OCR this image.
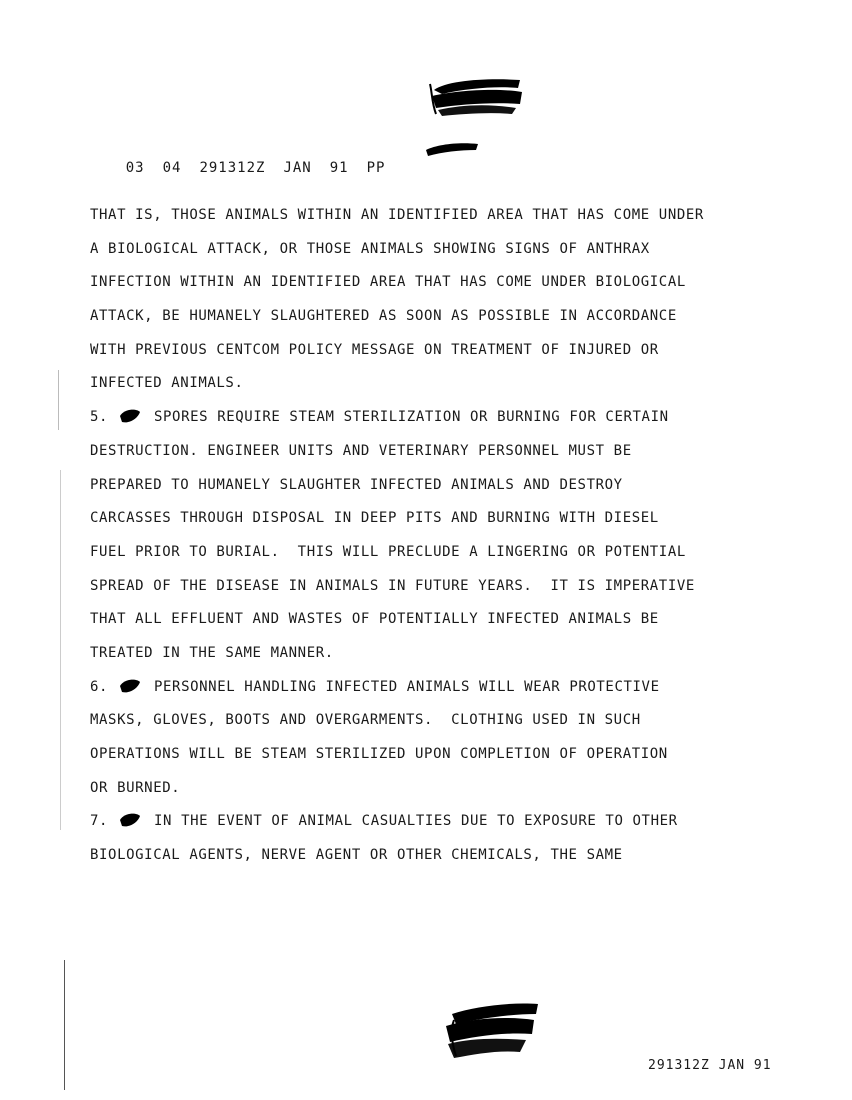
03 04 291312Z JAN 91 PP

THAT IS, THOSE ANIMALS WITHIN AN IDENTIFIED AREA THAT HAS COME UNDER
A BIOLOGICAL ATTACK, OR THOSE ANIMALS SHOWING SIGNS OF ANTHRAX
INFECTION WITHIN AN IDENTIFIED AREA THAT HAS COME UNDER BIOLOGICAL
ATTACK, BE HUMANELY SLAUGHTERED AS SOON AS POSSIBLE IN ACCORDANCE
WITH PREVIOUS CENTCOM POLICY MESSAGE ON TREATMENT OF INJURED OR
INFECTED ANIMALS.
5.	SPORES REQUIRE STEAM STERILIZATION OR BURNING FOR CERTAIN
DESTRUCTION. ENGINEER UNITS AND VETERINARY PERSONNEL MUST BE
PREPARED TO HUMANELY SLAUGHTER INFECTED ANIMALS AND DESTROY
CARCASSES THROUGH DISPOSAL IN DEEP PITS AND BURNING WITH DIESEL
FUEL PRIOR TO BURIAL.  THIS WILL PRECLUDE A LINGERING OR POTENTIAL
SPREAD OF THE DISEASE IN ANIMALS IN FUTURE YEARS.  IT IS IMPERATIVE
THAT ALL EFFLUENT AND WASTES OF POTENTIALLY INFECTED ANIMALS BE
TREATED IN THE SAME MANNER.
6.	PERSONNEL HANDLING INFECTED ANIMALS WILL WEAR PROTECTIVE
MASKS, GLOVES, BOOTS AND OVERGARMENTS.  CLOTHING USED IN SUCH
OPERATIONS WILL BE STEAM STERILIZED UPON COMPLETION OF OPERATION
OR BURNED.
7.	IN THE EVENT OF ANIMAL CASUALTIES DUE TO EXPOSURE TO OTHER
BIOLOGICAL AGENTS, NERVE AGENT OR OTHER CHEMICALS, THE SAME
291312Z JAN 91
